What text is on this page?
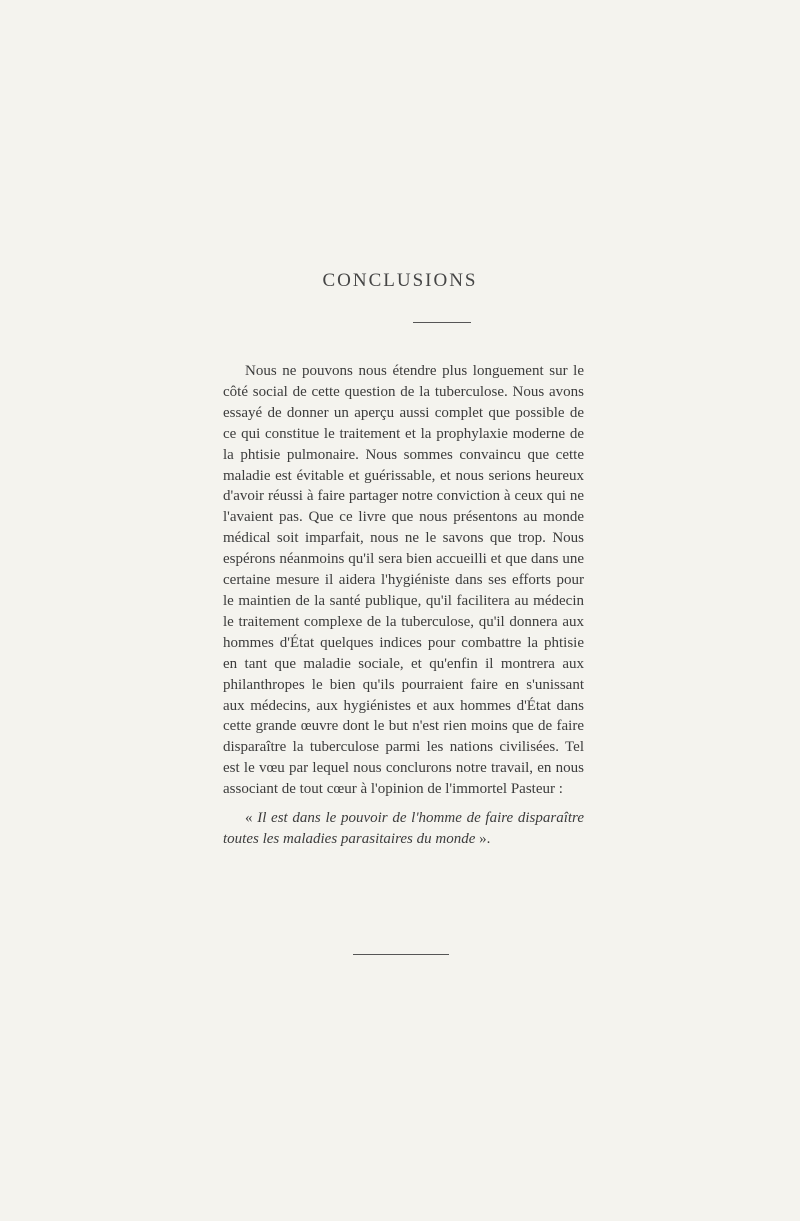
CONCLUSIONS

Nous ne pouvons nous étendre plus longuement sur le côté social de cette question de la tuberculose. Nous avons essayé de donner un aperçu aussi complet que possible de ce qui constitue le traitement et la prophylaxie moderne de la phtisie pulmonaire. Nous sommes convaincu que cette maladie est évitable et guérissable, et nous serions heureux d'avoir réussi à faire partager notre conviction à ceux qui ne l'avaient pas. Que ce livre que nous présentons au monde médical soit imparfait, nous ne le savons que trop. Nous espérons néanmoins qu'il sera bien accueilli et que dans une certaine mesure il aidera l'hygiéniste dans ses efforts pour le maintien de la santé publique, qu'il facilitera au médecin le traitement complexe de la tuberculose, qu'il donnera aux hommes d'État quelques indices pour combattre la phtisie en tant que maladie sociale, et qu'enfin il montrera aux philanthropes le bien qu'ils pourraient faire en s'unissant aux médecins, aux hygiénistes et aux hommes d'État dans cette grande œuvre dont le but n'est rien moins que de faire disparaître la tuberculose parmi les nations civilisées. Tel est le vœu par lequel nous conclurons notre travail, en nous associant de tout cœur à l'opinion de l'immortel Pasteur :

« Il est dans le pouvoir de l'homme de faire disparaître toutes les maladies parasitaires du monde ».
